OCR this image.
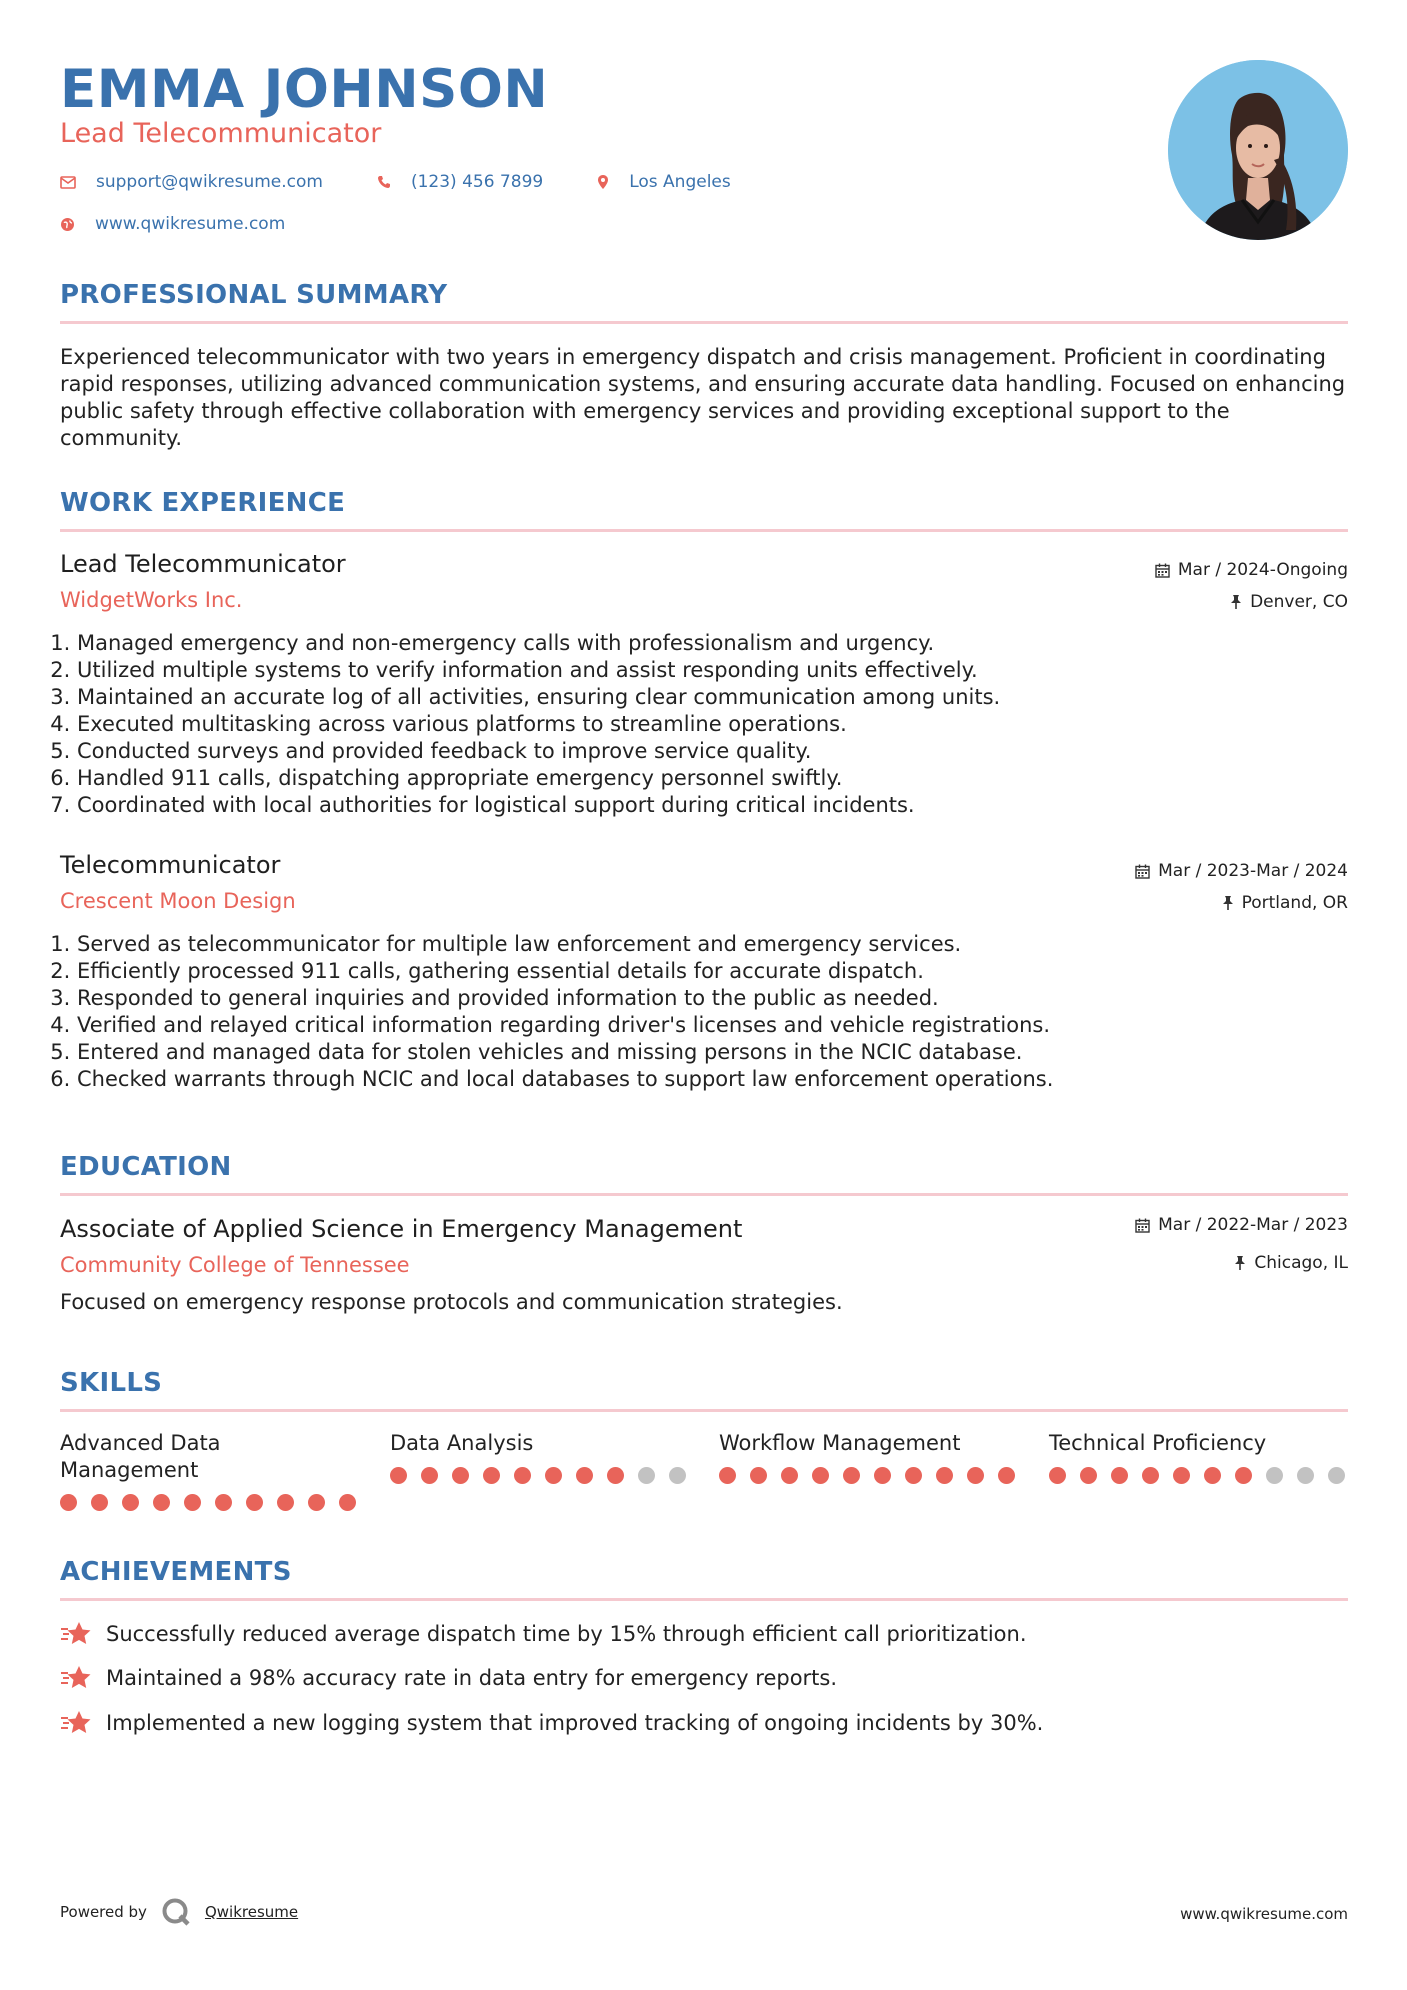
EMMA JOHNSON

Lead Telecommunicator

support@qwikresume.com	(123) 456 7899	Los Angeles
www.qwikresume.com
PROFESSIONAL SUMMARY

Experienced telecommunicator with two years in emergency dispatch and crisis management. Proficient in coordinating rapid responses, utilizing advanced communication systems, and ensuring accurate data handling. Focused on enhancing public safety through effective collaboration with emergency services and providing exceptional support to the community.

WORK EXPERIENCE

Lead Telecommunicator

WidgetWorks Inc.

Mar / 2024-Ongoing
Denver, CO
1. Managed emergency and non-emergency calls with professionalism and urgency.
2. Utilized multiple systems to verify information and assist responding units effectively.
3. Maintained an accurate log of all activities, ensuring clear communication among units.
4. Executed multitasking across various platforms to streamline operations.
5. Conducted surveys and provided feedback to improve service quality.
6. Handled 911 calls, dispatching appropriate emergency personnel swiftly.
7. Coordinated with local authorities for logistical support during critical incidents.

Telecommunicator

Crescent Moon Design

Mar / 2023-Mar / 2024
Portland, OR
1. Served as telecommunicator for multiple law enforcement and emergency services.
2. Efficiently processed 911 calls, gathering essential details for accurate dispatch.
3. Responded to general inquiries and provided information to the public as needed.
4. Verified and relayed critical information regarding driver's licenses and vehicle registrations.
5. Entered and managed data for stolen vehicles and missing persons in the NCIC database.
6. Checked warrants through NCIC and local databases to support law enforcement operations.
EDUCATION

Associate of Applied Science in Emergency Management

Community College of Tennessee

Mar / 2022-Mar / 2023
Chicago, IL

Focused on emergency response protocols and communication strategies.

SKILLS

Advanced Data Management

Data Analysis	Workflow Management	Technical Proficiency

ACHIEVEMENTS
Successfully reduced average dispatch time by 15% through efficient call prioritization.
Maintained a 98% accuracy rate in data entry for emergency reports.
Implemented a new logging system that improved tracking of ongoing incidents by 30%.
Powered by	Qwikresume	www.qwikresume.com
